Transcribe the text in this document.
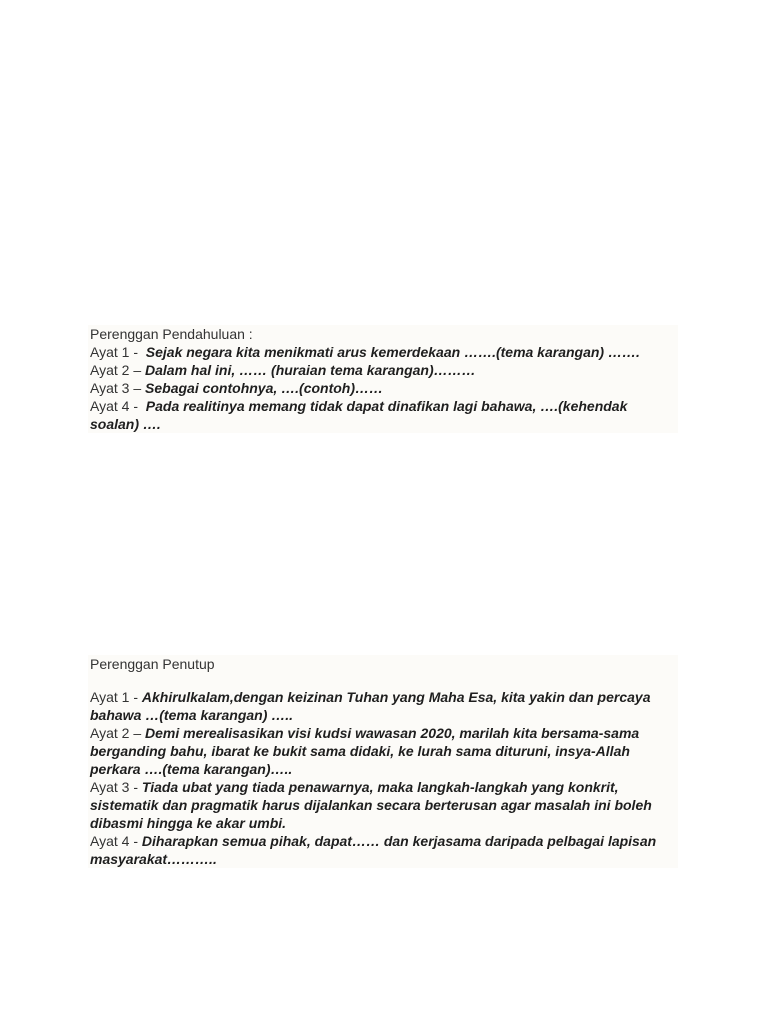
Perenggan Pendahuluan :
Ayat 1 - Sejak negara kita menikmati arus kemerdekaan …….(tema karangan) …….
Ayat 2 – Dalam hal ini, …… (huraian tema karangan)………
Ayat 3 – Sebagai contohnya, ….(contoh)……
Ayat 4 - Pada realitinya memang tidak dapat dinafikan lagi bahawa, ….(kehendak soalan) ….
Perenggan Penutup
Ayat 1 - Akhirulkalam,dengan keizinan Tuhan yang Maha Esa, kita yakin dan percaya bahawa …(tema karangan) …..
Ayat 2 – Demi merealisasikan visi kudsi wawasan 2020, marilah kita bersama-sama berganding bahu, ibarat ke bukit sama didaki, ke lurah sama dituruni, insya-Allah perkara ….(tema karangan)…..
Ayat 3 - Tiada ubat yang tiada penawarnya, maka langkah-langkah yang konkrit, sistematik dan pragmatik harus dijalankan secara berterusan agar masalah ini boleh dibasmi hingga ke akar umbi.
Ayat 4 - Diharapkan semua pihak, dapat…… dan kerjasama daripada pelbagai lapisan masyarakat………..
